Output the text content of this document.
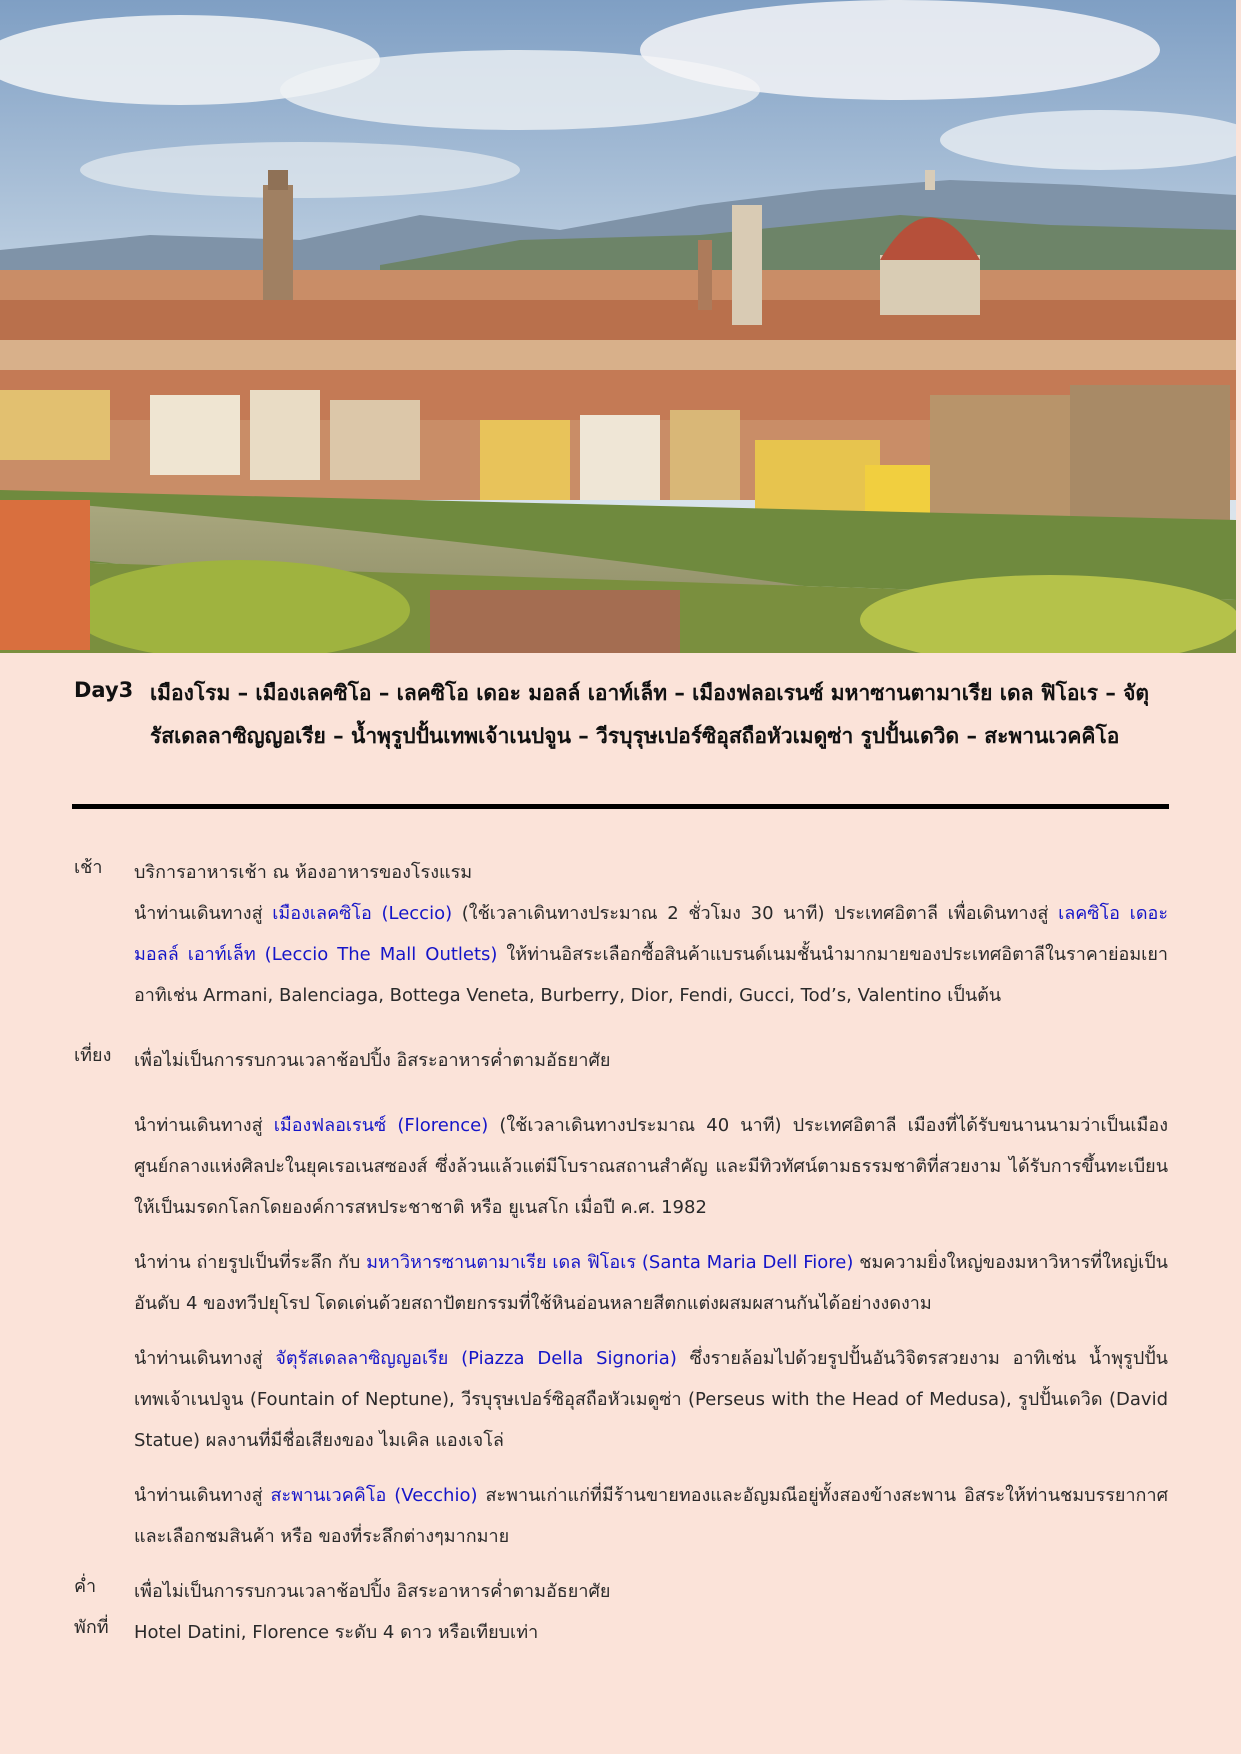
Day3 เมืองโรม – เมืองเลคซิโอ – เลคซิโอ เดอะ มอลล์ เอาท์เล็ท – เมืองฟลอเรนซ์ มหาซานตามาเรีย เดล ฟิโอเร – จัตุรัสเดลลาซิญญอเรีย – น้ำพุรูปปั้นเทพเจ้าเนปจูน – วีรบุรุษเปอร์ซิอุสถือหัวเมดูซ่า รูปปั้นเดวิด – สะพานเวคคิโอ
เช้า	บริการอาหารเช้า ณ ห้องอาหารของโรงแรม
นำท่านเดินทางสู่ เมืองเลคซิโอ (Leccio) (ใช้เวลาเดินทางประมาณ 2 ชั่วโมง 30 นาที) ประเทศอิตาลี เพื่อเดินทางสู่ เลคซิโอ เดอะ มอลล์ เอาท์เล็ท (Leccio The Mall Outlets) ให้ท่านอิสระเลือกซื้อสินค้าแบรนด์เนมชั้นนำมากมายของประเทศอิตาลีในราคาย่อมเยา อาทิเช่น Armani, Balenciaga, Bottega Veneta, Burberry, Dior, Fendi, Gucci, Tod’s, Valentino เป็นต้น
เที่ยง	เพื่อไม่เป็นการรบกวนเวลาช้อปปิ้ง อิสระอาหารค่ำตามอัธยาศัย
นำท่านเดินทางสู่ เมืองฟลอเรนซ์ (Florence) (ใช้เวลาเดินทางประมาณ 40 นาที) ประเทศอิตาลี เมืองที่ได้รับขนานนามว่าเป็นเมืองศูนย์กลางแห่งศิลปะในยุคเรอเนสซองส์ ซึ่งล้วนแล้วแต่มีโบราณสถานสำคัญ และมีทิวทัศน์ตามธรรมชาติที่สวยงาม ได้รับการขึ้นทะเบียนให้เป็นมรดกโลกโดยองค์การสหประชาชาติ หรือ ยูเนสโก เมื่อปี ค.ศ. 1982
นำท่าน ถ่ายรูปเป็นที่ระลึก กับ มหาวิหารซานตามาเรีย เดล ฟิโอเร (Santa Maria Dell Fiore) ชมความยิ่งใหญ่ของมหาวิหารที่ใหญ่เป็นอันดับ 4 ของทวีปยุโรป โดดเด่นด้วยสถาปัตยกรรมที่ใช้หินอ่อนหลายสีตกแต่งผสมผสานกันได้อย่างงดงาม
นำท่านเดินทางสู่ จัตุรัสเดลลาซิญญอเรีย (Piazza Della Signoria) ซึ่งรายล้อมไปด้วยรูปปั้นอันวิจิตรสวยงาม อาทิเช่น น้ำพุรูปปั้นเทพเจ้าเนปจูน (Fountain of Neptune), วีรบุรุษเปอร์ซิอุสถือหัวเมดูซ่า (Perseus with the Head of Medusa), รูปปั้นเดวิด (David Statue) ผลงานที่มีชื่อเสียงของ ไมเคิล แองเจโล่
นำท่านเดินทางสู่ สะพานเวคคิโอ (Vecchio) สะพานเก่าแก่ที่มีร้านขายทองและอัญมณีอยู่ทั้งสองข้างสะพาน อิสระให้ท่านชมบรรยากาศและเลือกชมสินค้า หรือ ของที่ระลึกต่างๆมากมาย
ค่ำ	เพื่อไม่เป็นการรบกวนเวลาช้อปปิ้ง อิสระอาหารค่ำตามอัธยาศัย
พักที่	Hotel Datini, Florence ระดับ 4 ดาว หรือเทียบเท่า
